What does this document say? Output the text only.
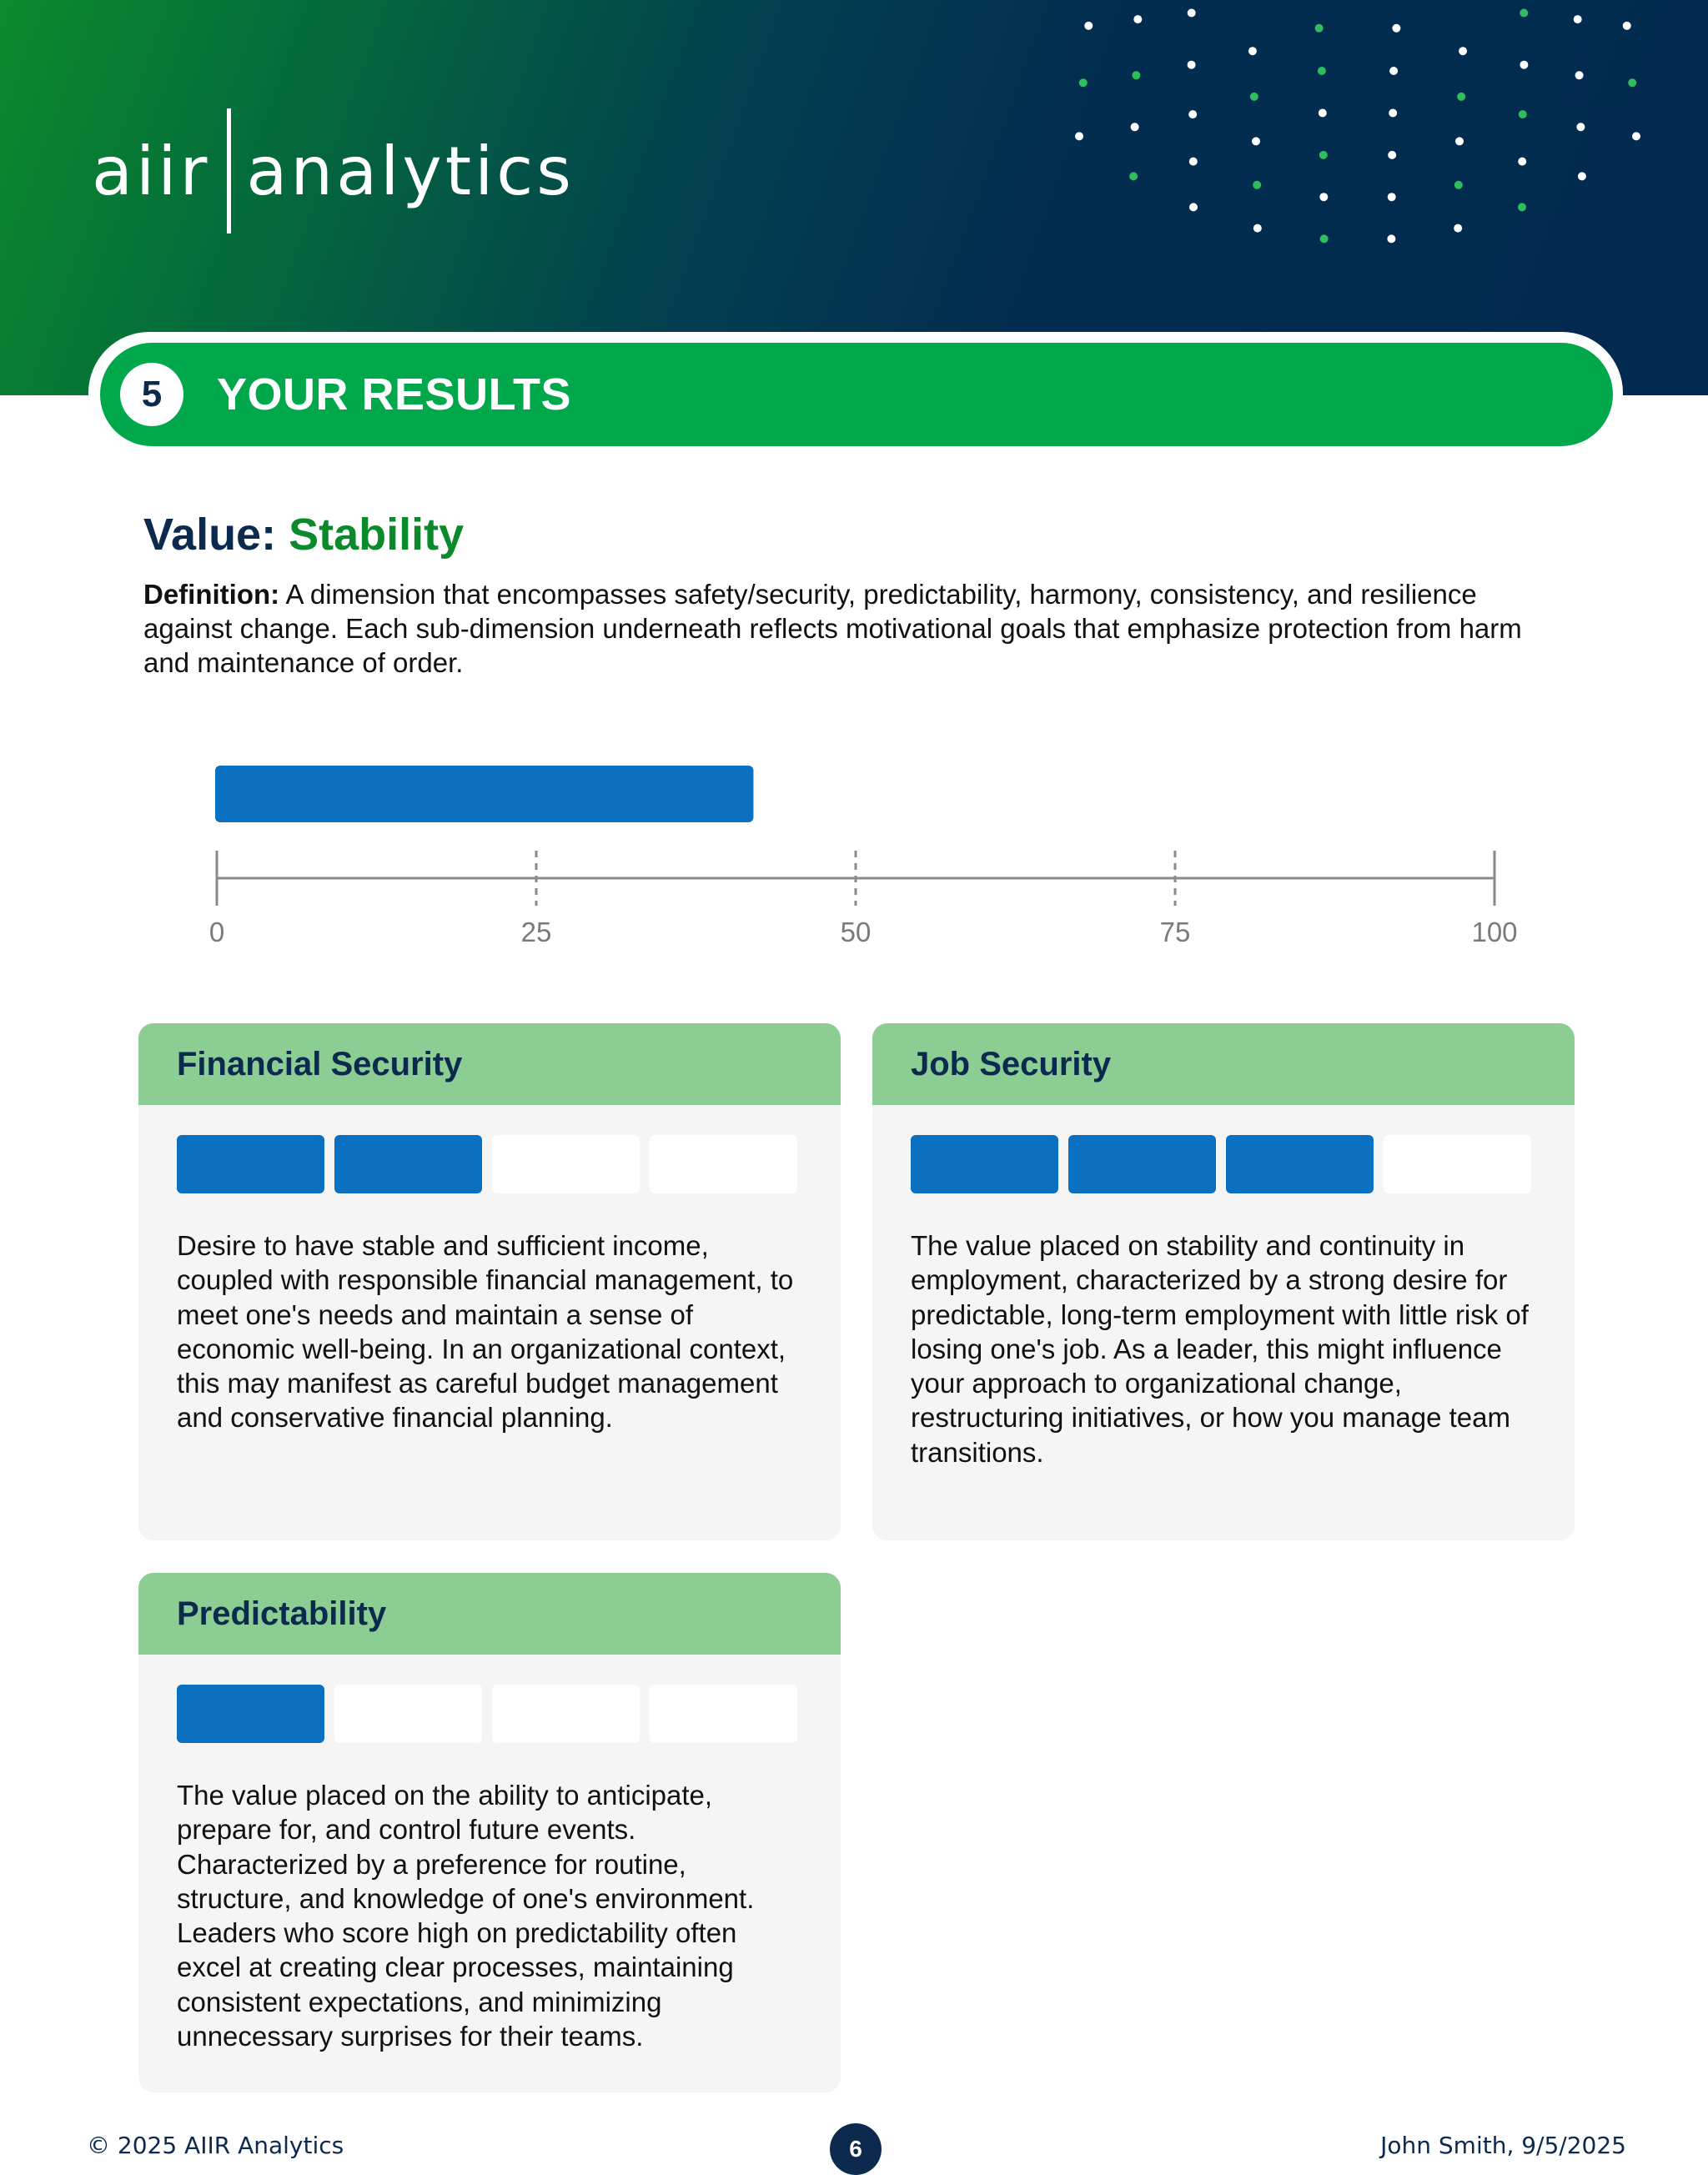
aiir analytics
5	YOUR RESULTS
Value: Stability
Definition: A dimension that encompasses safety/security, predictability, harmony, consistency, and resilience against change. Each sub-dimension underneath reflects motivational goals that emphasize protection from harm and maintenance of order.
0	25	50	75	100
Financial Security
Desire to have stable and sufficient income, coupled with responsible financial management, to meet one's needs and maintain a sense of economic well-being. In an organizational context, this may manifest as careful budget management and conservative financial planning.
Job Security
The value placed on stability and continuity in employment, characterized by a strong desire for predictable, long-term employment with little risk of losing one's job. As a leader, this might influence your approach to organizational change, restructuring initiatives, or how you manage team transitions.
Predictability
The value placed on the ability to anticipate, prepare for, and control future events. Characterized by a preference for routine, structure, and knowledge of one's environment. Leaders who score high on predictability often excel at creating clear processes, maintaining consistent expectations, and minimizing unnecessary surprises for their teams.
© 2025 AIIR Analytics	6	John Smith, 9/5/2025
